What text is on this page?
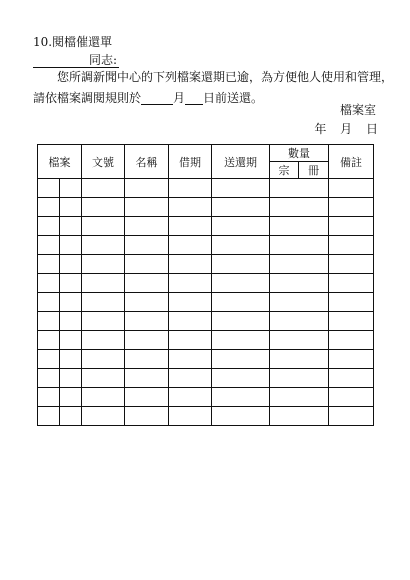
10.閱檔催還單
同志:
您所調新聞中心的下列檔案還期已逾，為方便他人使用和管理，
請依檔案調閱規則於	月 日前送還。
檔案室
年 月 日
檔案		文號	名稱	借期	送還期	數量		備註
						宗	冊	
